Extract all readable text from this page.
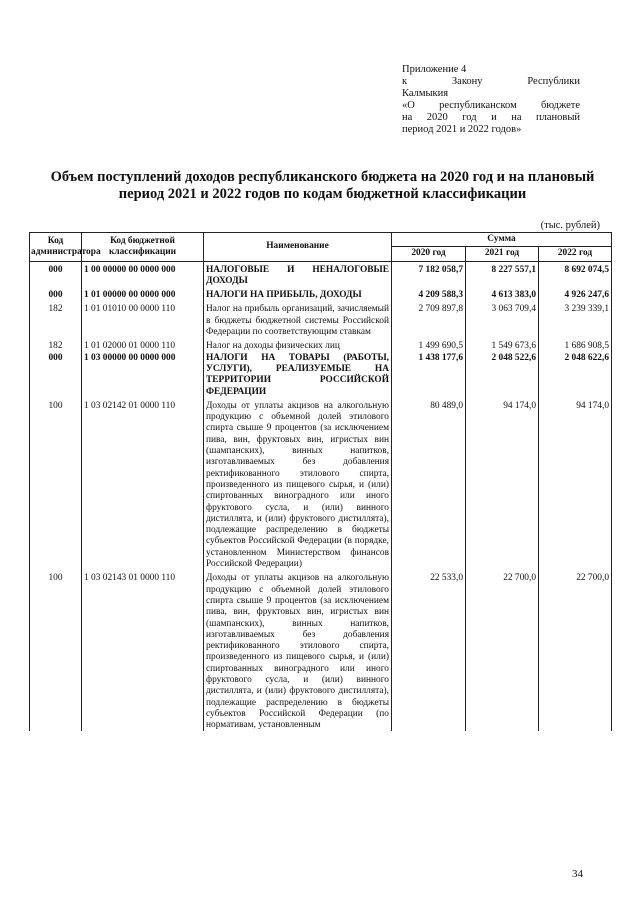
Приложение 4
к Закону Республики
Калмыкия
«О республиканском бюджете
на 2020 год и на плановый
период 2021 и 2022 годов»
Объем поступлений доходов республиканского бюджета на 2020 год и на плановый период 2021 и 2022 годов по кодам бюджетной классификации
(тыс. рублей)
Код администратора	Код бюджетной классификации	Наименование	Сумма		
			2020 год	2021 год	2022 год
000	1 00 00000 00 0000 000	НАЛОГОВЫЕ И НЕНАЛОГОВЫЕ ДОХОДЫ	7 182 058,7	8 227 557,1	8 692 074,5
000	1 01 00000 00 0000 000	НАЛОГИ НА ПРИБЫЛЬ, ДОХОДЫ	4 209 588,3	4 613 383,0	4 926 247,6
182	1 01 01010 00 0000 110	Налог на прибыль организаций, зачисляемый в бюджеты бюджетной системы Российской Федерации по соответствующим ставкам	2 709 897,8	3 063 709,4	3 239 339,1
182	1 01 02000 01 0000 110	Налог на доходы физических лиц	1 499 690,5	1 549 673,6	1 686 908,5
000	1 03 00000 00 0000 000	НАЛОГИ НА ТОВАРЫ (РАБОТЫ, УСЛУГИ), РЕАЛИЗУЕМЫЕ НА ТЕРРИТОРИИ РОССИЙСКОЙ ФЕДЕРАЦИИ	1 438 177,6	2 048 522,6	2 048 622,6
100	1 03 02142 01 0000 110	Доходы от уплаты акцизов на алкогольную продукцию с объемной долей этилового спирта свыше 9 процентов (за исключением пива, вин, фруктовых вин, игристых вин (шампанских), винных напитков, изготавливаемых без добавления ректификованного этилового спирта, произведенного из пищевого сырья, и (или) спиртованных виноградного или иного фруктового сусла, и (или) винного дистиллята, и (или) фруктового дистиллята), подлежащие распределению в бюджеты субъектов Российской Федерации (в порядке, установленном Министерством финансов Российской Федерации)	80 489,0	94 174,0	94 174,0
100	1 03 02143 01 0000 110	Доходы от уплаты акцизов на алкогольную продукцию с объемной долей этилового спирта свыше 9 процентов (за исключением пива, вин, фруктовых вин, игристых вин (шампанских), винных напитков, изготавливаемых без добавления ректификованного этилового спирта, произведенного из пищевого сырья, и (или) спиртованных виноградного или иного фруктового сусла, и (или) винного дистиллята, и (или) фруктового дистиллята), подлежащие распределению в бюджеты субъектов Российской Федерации (по нормативам, установленным	22 533,0	22 700,0	22 700,0
34
